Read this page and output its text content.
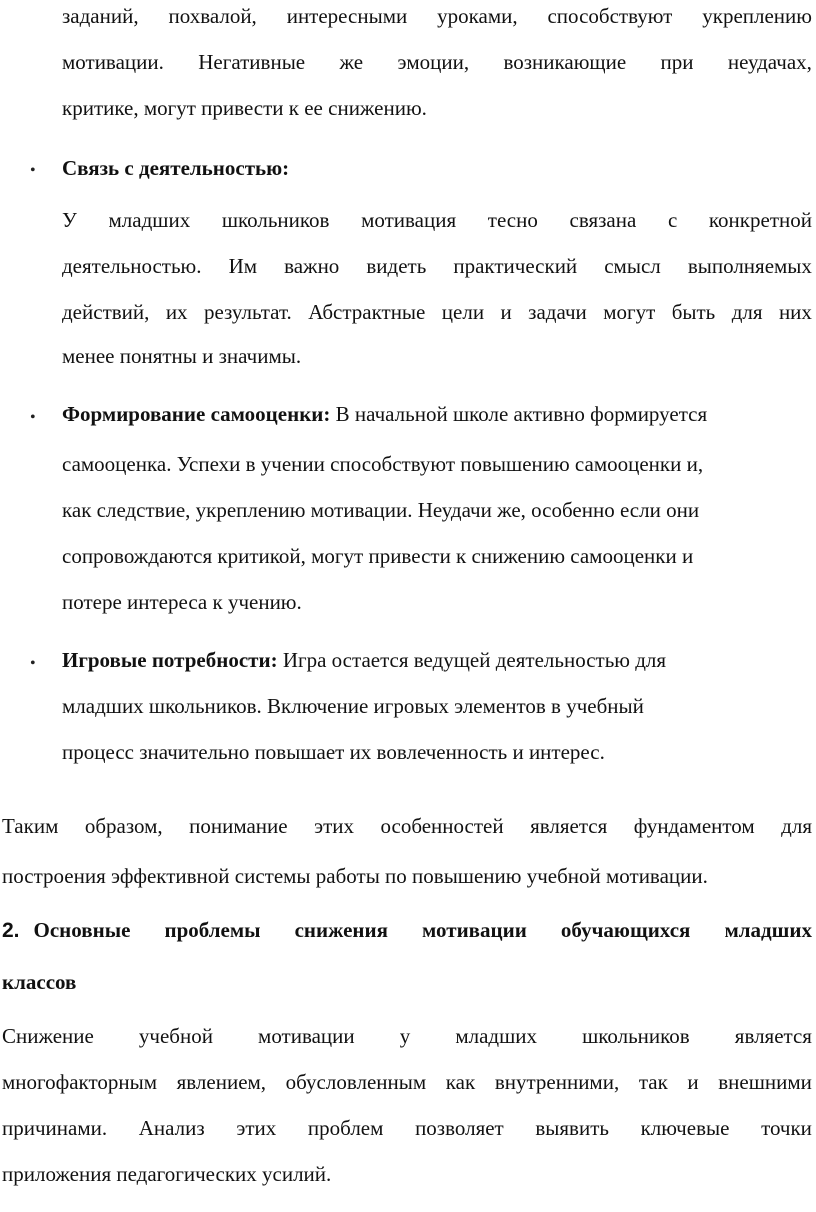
заданий, похвалой, интересными уроками, способствуют укреплению
мотивации. Негативные же эмоции, возникающие при неудачах,
критике, могут привести к ее снижению.
• Связь с деятельностью:
У младших школьников мотивация тесно связана с конкретной
деятельностью. Им важно видеть практический смысл выполняемых
действий, их результат. Абстрактные цели и задачи могут быть для них
менее понятны и значимы.
• Формирование самооценки: В начальной школе активно формируется
самооценка. Успехи в учении способствуют повышению самооценки и,
как следствие, укреплению мотивации. Неудачи же, особенно если они
сопровождаются критикой, могут привести к снижению самооценки и
потере интереса к учению.
• Игровые потребности: Игра остается ведущей деятельностью для
младших школьников. Включение игровых элементов в учебный
процесс значительно повышает их вовлеченность и интерес.
Таким образом, понимание этих особенностей является фундаментом для
построения эффективной системы работы по повышению учебной мотивации.
2. Основные проблемы снижения мотивации обучающихся младших
классов
Снижение учебной мотивации у младших школьников является
многофакторным явлением, обусловленным как внутренними, так и внешними
причинами. Анализ этих проблем позволяет выявить ключевые точки
приложения педагогических усилий.
